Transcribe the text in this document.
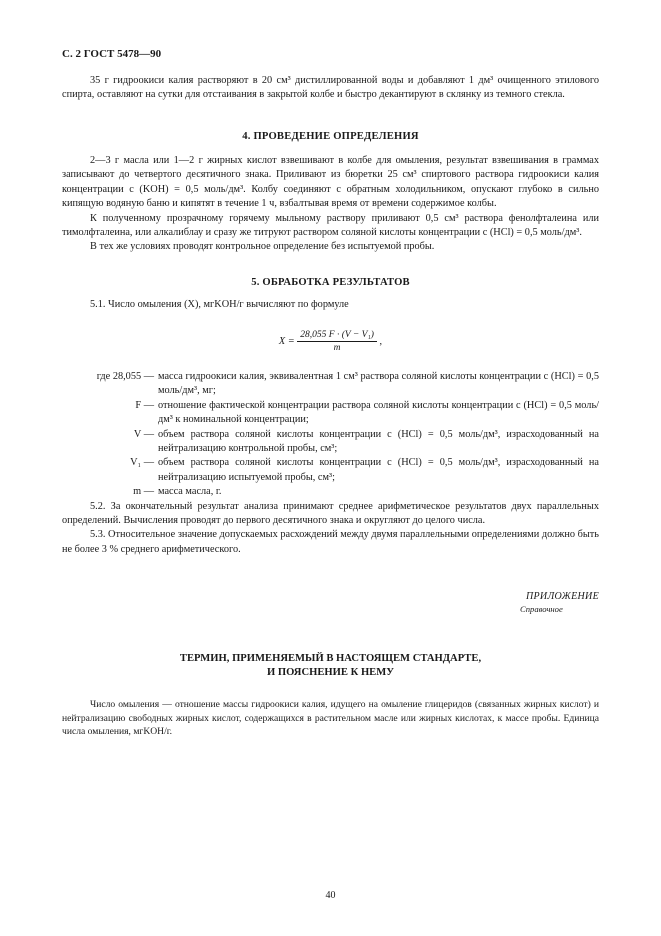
С. 2 ГОСТ 5478—90

35 г гидроокиси калия растворяют в 20 см³ дистиллированной воды и добавляют 1 дм³ очищенного этилового спирта, оставляют на сутки для отстаивания в закрытой колбе и быстро декантируют в склянку из темного стекла.

4. ПРОВЕДЕНИЕ ОПРЕДЕЛЕНИЯ

2—3 г масла или 1—2 г жирных кислот взвешивают в колбе для омыления, результат взвешивания в граммах записывают до четвертого десятичного знака. Приливают из бюретки 25 см³ спиртового раствора гидроокиси калия концентрации с (KOH) = 0,5 моль/дм³. Колбу соединяют с обратным холодильником, опускают глубоко в сильно кипящую водяную баню и кипятят в течение 1 ч, взбалтывая время от времени содержимое колбы.

К полученному прозрачному горячему мыльному раствору приливают 0,5 см³ раствора фенолфталеина или тимолфталеина, или алкалиблау и сразу же титруют раствором соляной кислоты концентрации с (HCl) = 0,5 моль/дм³.

В тех же условиях проводят контрольное определение без испытуемой пробы.

5. ОБРАБОТКА РЕЗУЛЬТАТОВ

5.1. Число омыления (X), мгKOH/г вычисляют по формуле

$X = \frac{\text{28,055 F · (V − V₁)}}{m}$ ,
где 28,055 — масса гидроокиси калия, эквивалентная 1 см³ раствора соляной кислоты концентрации с (HCl) = 0,5 моль/дм³, мг;
F — отношение фактической концентрации раствора соляной кислоты концентрации с (HCl) = 0,5 моль/дм³ к номинальной концентрации;
V — объем раствора соляной кислоты концентрации с (HCl) = 0,5 моль/дм³, израсходованный на нейтрализацию контрольной пробы, см³;
V₁ — объем раствора соляной кислоты концентрации с (HCl) = 0,5 моль/дм³, израсходованный на нейтрализацию испытуемой пробы, см³;
m — масса масла, г.

5.2. За окончательный результат анализа принимают среднее арифметическое результатов двух параллельных определений. Вычисления проводят до первого десятичного знака и округляют до целого числа.

5.3. Относительное значение допускаемых расхождений между двумя параллельными определениями должно быть не более 3 % среднего арифметического.

ПРИЛОЖЕНИЕ
Справочное
ТЕРМИН, ПРИМЕНЯЕМЫЙ В НАСТОЯЩЕМ СТАНДАРТЕ,
И ПОЯСНЕНИЕ К НЕМУ

Число омыления — отношение массы гидроокиси калия, идущего на омыление глицеридов (связанных жирных кислот) и нейтрализацию свободных жирных кислот, содержащихся в растительном масле или жирных кислотах, к массе пробы. Единица числа омыления, мгKOH/г.

40
